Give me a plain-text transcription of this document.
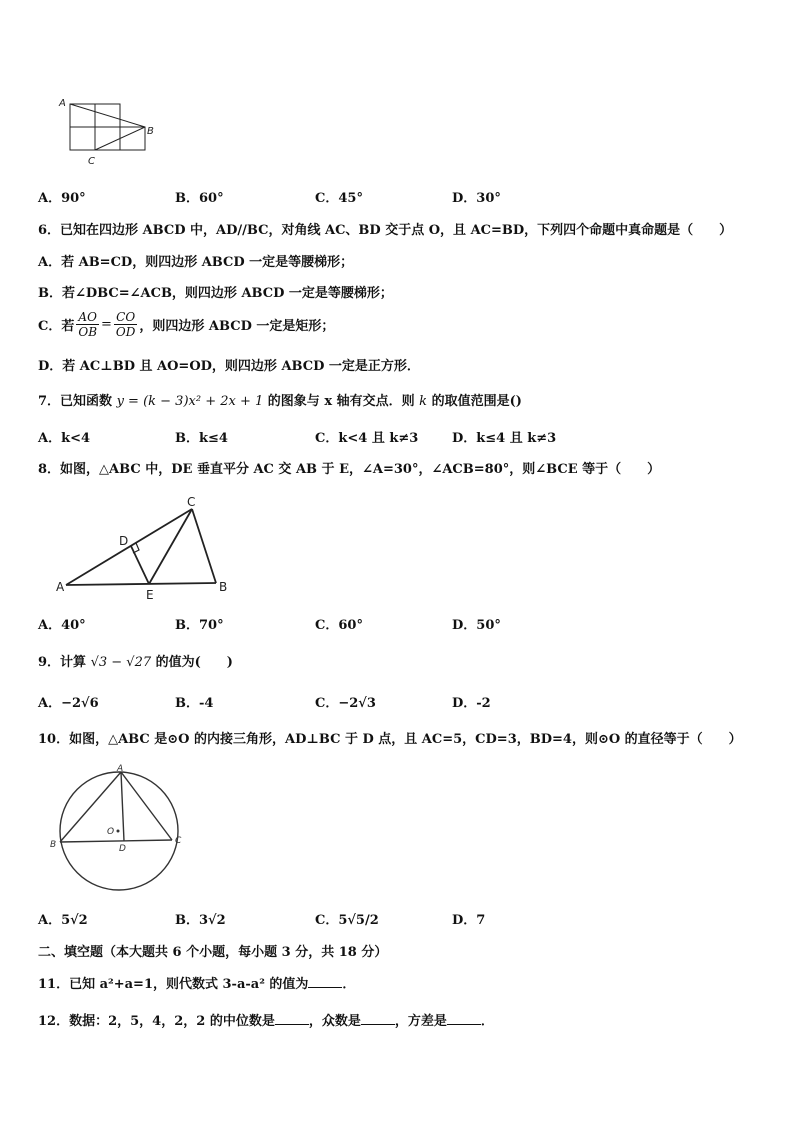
A
B
C
A．90°	B．60°	C．45°	D．30°
6．已知在四边形 ABCD 中，AD//BC，对角线 AC、BD 交于点 O，且 AC=BD，下列四个命题中真命题是（　　）
A．若 AB=CD，则四边形 ABCD 一定是等腰梯形；
B．若∠DBC=∠ACB，则四边形 ABCD 一定是等腰梯形；
C．若 $\frac{AO}{OB} = \frac{CO}{OD}$ ，则四边形 ABCD 一定是矩形；
D．若 AC⊥BD 且 AO=OD，则四边形 ABCD 一定是正方形．
7．已知函数 y = (k − 3)x² + 2x + 1 的图象与 x 轴有交点．则 k 的取值范围是()
A．k<4	B．k≤4	C．k<4 且 k≠3	D．k≤4 且 k≠3
8．如图，△ABC 中，DE 垂直平分 AC 交 AB 于 E，∠A=30°，∠ACB=80°，则∠BCE 等于（　　）
A	B
C
D
E
A．40°	B．70°	C．60°	D．50°
9．计算 √3 − √27 的值为(　　)
A．−2√6	B．-4	C．−2√3	D．-2
10．如图，△ABC 是⊙O 的内接三角形，AD⊥BC 于 D 点，且 AC=5，CD=3，BD=4，则⊙O 的直径等于（　　）
A
B	C
D
O
A．5√2	B．3√2	C．5√5/2	D．7
二、填空题（本大题共 6 个小题，每小题 3 分，共 18 分）
11．已知 a²+a=1，则代数式 3-a-a² 的值为	．
12．数据：2，5，4，2，2 的中位数是	，众数是	，方差是	．
